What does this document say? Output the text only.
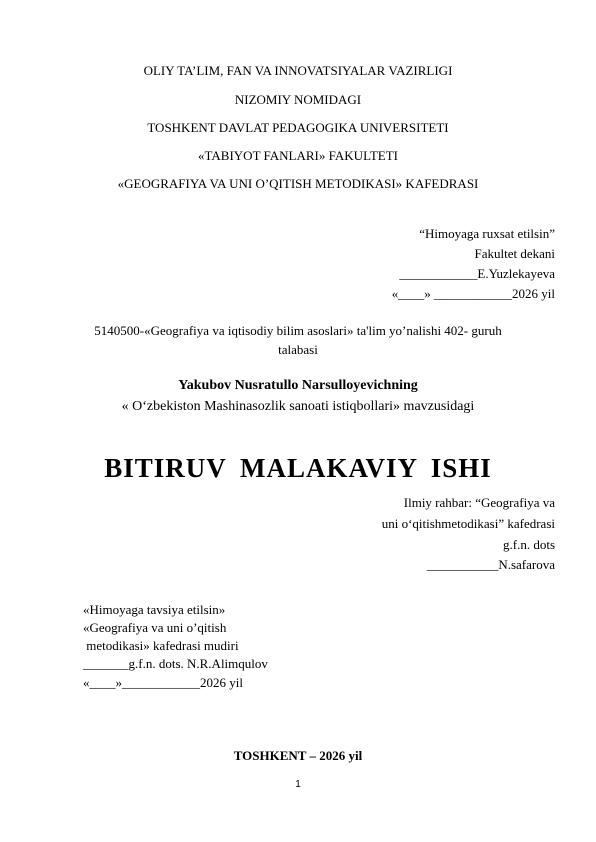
OLIY TA’LIM, FAN VA INNOVATSIYALAR VAZIRLIGI
NIZOMIY NOMIDAGI
TOSHKENT DAVLAT PEDAGOGIKA UNIVERSITETI
«TABIYOT FANLARI» FAKULTETI
«GEOGRAFIYA VA UNI O’QITISH METODIKASI» KAFEDRASI
“Himoyaga ruxsat etilsin”
Fakultet dekani
____________E.Yuzlekayeva
«____» ____________2026 yil
5140500-«Geografiya va iqtisodiy bilim asoslari» ta'lim yo’nalishi 402- guruh
talabasi
Yakubov Nusratullo Narsulloyevichning
« O‘zbekiston Mashinasozlik sanoati istiqbollari» mavzusidagi
BITIRUV MALAKAVIY ISHI
Ilmiy rahbar: “Geografiya va
uni o‘qitishmetodikasi” kafedrasi
g.f.n. dots
___________N.safarova
«Himoyaga tavsiya etilsin»
«Geografiya va uni o’qitish
metodikasi» kafedrasi mudiri
_______g.f.n. dots. N.R.Alimqulov
«____»____________2026 yil
TOSHKENT – 2026 yil
1
